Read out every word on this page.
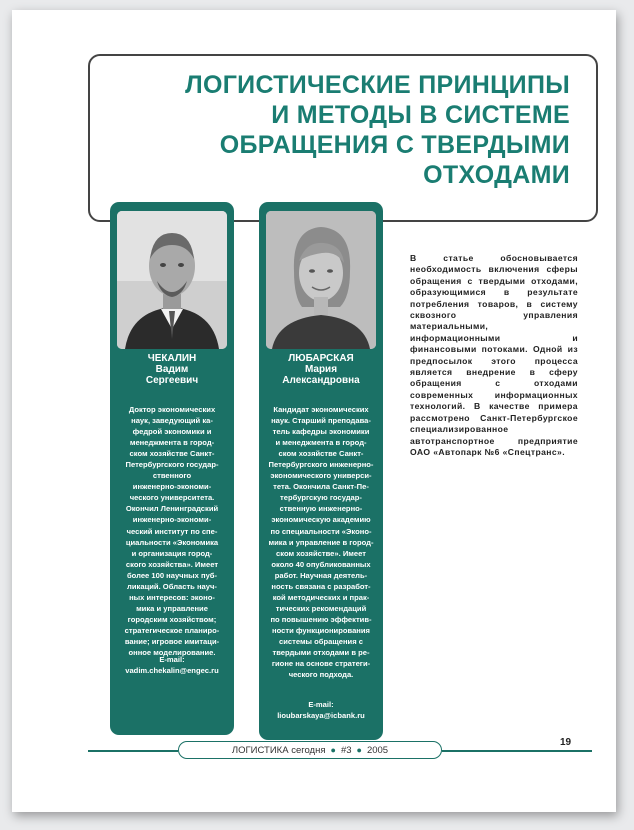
ЛОГИСТИЧЕСКИЕ ПРИНЦИПЫ
И МЕТОДЫ В СИСТЕМЕ
ОБРАЩЕНИЯ С ТВЕРДЫМИ
ОТХОДАМИ
ЧЕКАЛИН
Вадим
Сергеевич
Доктор экономических
наук, заведующий ка-
федрой экономики и
менеджмента в город-
ском хозяйстве Санкт-
Петербургского государ-
ственного
инженерно-экономи-
ческого университета.
Окончил Ленинградский
инженерно-экономи-
ческий институт по спе-
циальности «Экономика
и организация город-
ского хозяйства». Имеет
более 100 научных пуб-
ликаций. Область науч-
ных интересов: эконо-
мика и управление
городским хозяйством;
стратегическое планиро-
вание; игровое имитаци-
онное моделирование.
E-mail:
vadim.chekalin@engec.ru
ЛЮБАРСКАЯ
Мария
Александровна
Кандидат экономических
наук. Старший преподава-
тель кафедры экономики
и менеджмента в город-
ском хозяйстве Санкт-
Петербургского инженерно-
экономического универси-
тета. Окончила Санкт-Пе-
тербургскую государ-
ственную инженерно-
экономическую академию
по специальности «Эконо-
мика и управление в город-
ском хозяйстве». Имеет
около 40 опубликованных
работ. Научная деятель-
ность связана с разработ-
кой методических и прак-
тических рекомендаций
по повышению эффектив-
ности функционирования
системы обращения с
твердыми отходами в ре-
гионе на основе стратеги-
ческого подхода.
E-mail:
lioubarskaya@icbank.ru
В статье обосновывается необходимость включения сферы обращения с твердыми отходами, образующимися в результате потребления товаров, в систему сквозного управления материальными, информационными и финансовыми потоками. Одной из предпосылок этого процесса является внедрение в сферу обращения с отходами современных информационных технологий. В качестве примера рассмотрено Санкт-Петербургское специализированное автотранспортное предприятие ОАО «Автопарк №6 «Спецтранс».
ЛОГИСТИКА сегодня ● #3 ● 2005
19
